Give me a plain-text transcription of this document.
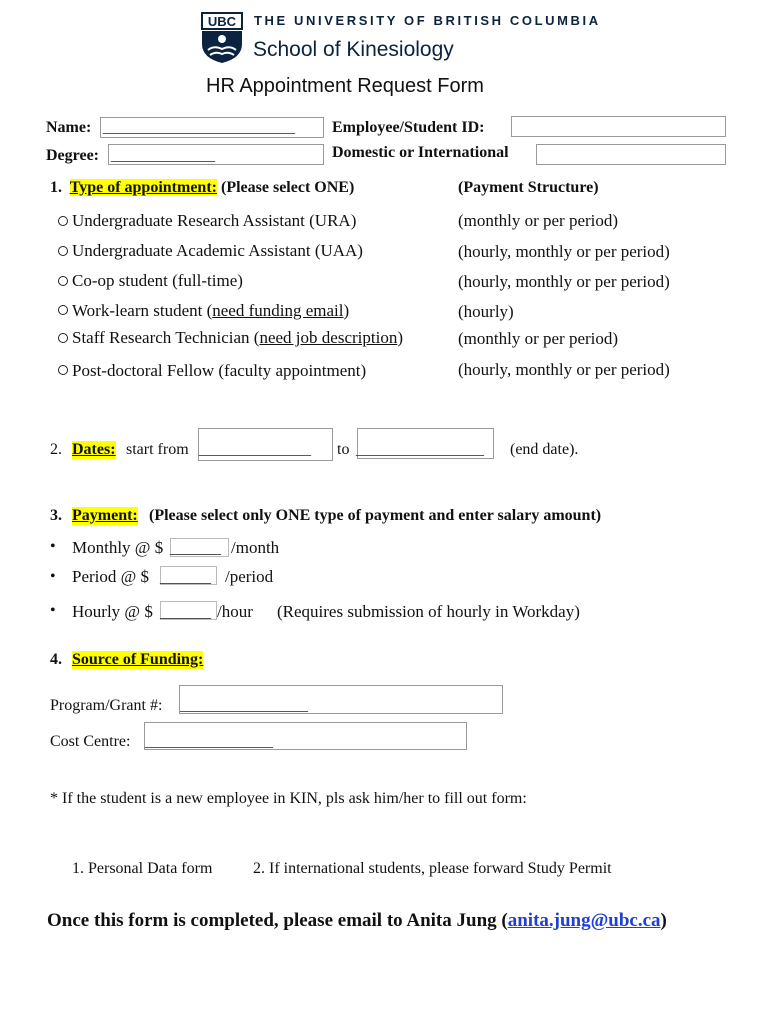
UBC THE UNIVERSITY OF BRITISH COLUMBIA
School of Kinesiology
HR Appointment Request Form
Name: ________________________ Employee/Student ID:
Degree: _____________	Domestic or International
1. Type of appointment: (Please select ONE)	(Payment Structure)
Undergraduate Research Assistant (URA)	(monthly or per period)
Undergraduate Academic Assistant (UAA)	(hourly, monthly or per period)
Co-op student (full-time)	(hourly, monthly or per period)
Work-learn student (need funding email)	(hourly)
Staff Research Technician (need job description)	(monthly or per period)
Post-doctoral Fellow (faculty appointment)	(hourly, monthly or per period)
2. Dates: start from ______________ to ________________ (end date).
3. Payment: (Please select only ONE type of payment and enter salary amount)
• Monthly @ $ ______ /month
• Period @ $ ______ /period
• Hourly @ $ ______ /hour (Requires submission of hourly in Workday)
4. Source of Funding:
Program/Grant #: ________________
Cost Centre: ________________
* If the student is a new employee in KIN, pls ask him/her to fill out form:
1. Personal Data form	2. If international students, please forward Study Permit
Once this form is completed, please email to Anita Jung (anita.jung@ubc.ca)
